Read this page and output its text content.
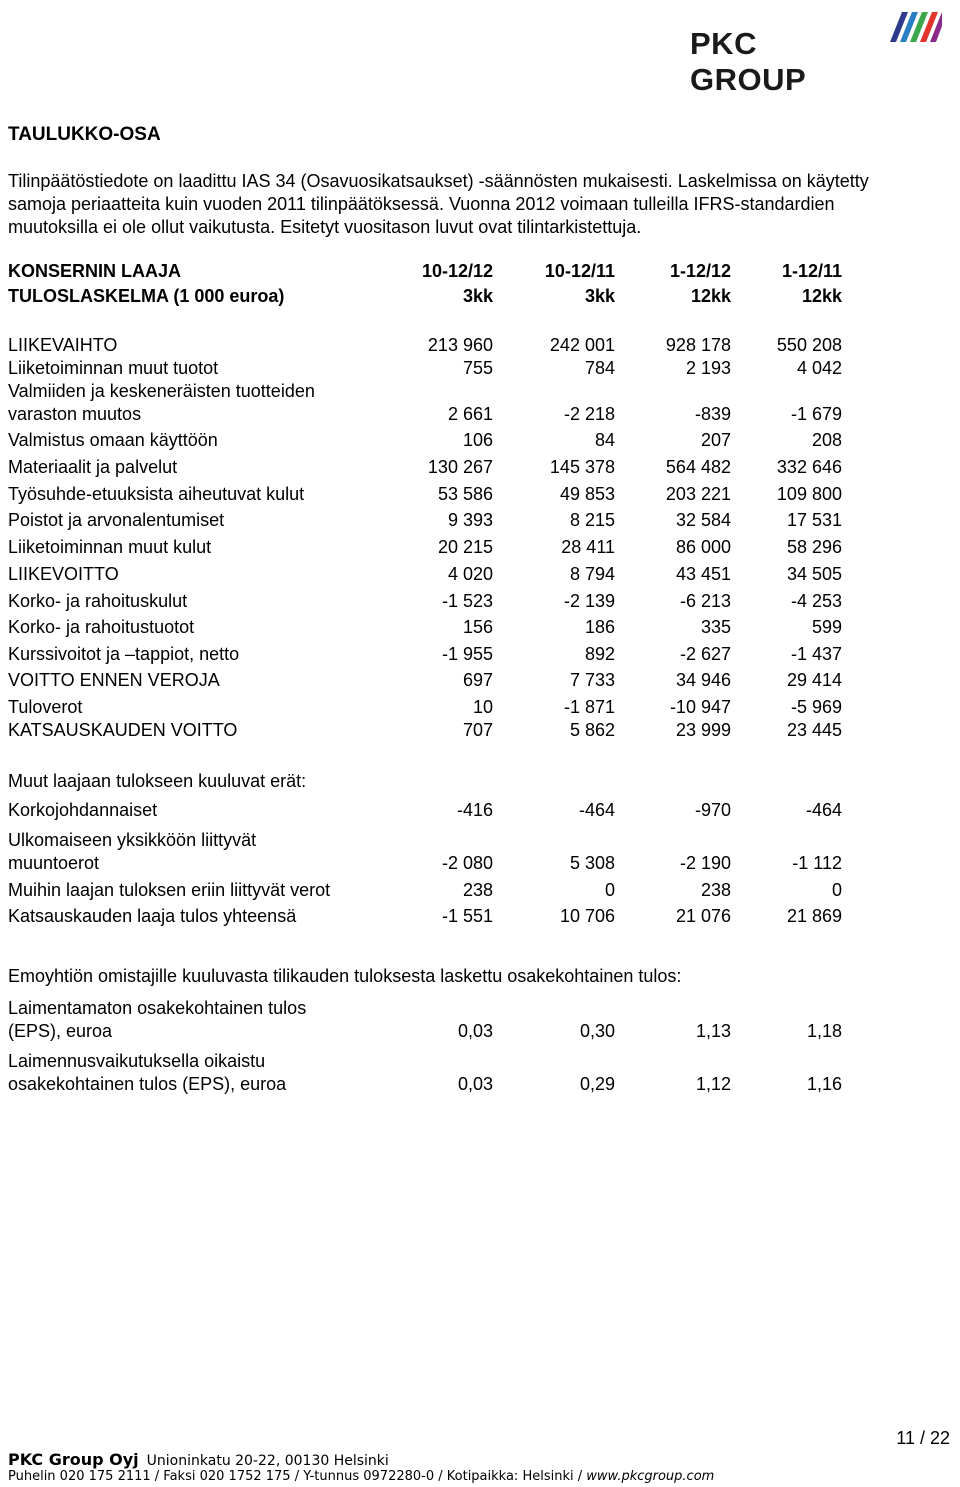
PKC GROUP
TAULUKKO-OSA
Tilinpäätöstiedote on laadittu IAS 34 (Osavuosikatsaukset) -säännösten mukaisesti. Laskelmissa on käytetty
samoja periaatteita kuin vuoden 2011 tilinpäätöksessä. Vuonna 2012 voimaan tulleilla IFRS-standardien
muutoksilla ei ole ollut vaikutusta. Esitetyt vuositason luvut ovat tilintarkistettuja.
KONSERNIN LAAJA	10-12/12	10-12/11	1-12/12	1-12/11
TULOSLASKELMA (1 000 euroa)	3kk	3kk	12kk	12kk
LIIKEVAIHTO	213 960	242 001	928 178	550 208
Liiketoiminnan muut tuotot	755	784	2 193	4 042
Valmiiden ja keskeneräisten tuotteiden
varaston muutos	2 661	-2 218	-839	-1 679
Valmistus omaan käyttöön	106	84	207	208
Materiaalit ja palvelut	130 267	145 378	564 482	332 646
Työsuhde-etuuksista aiheutuvat kulut	53 586	49 853	203 221	109 800
Poistot ja arvonalentumiset	9 393	8 215	32 584	17 531
Liiketoiminnan muut kulut	20 215	28 411	86 000	58 296
LIIKEVOITTO	4 020	8 794	43 451	34 505
Korko- ja rahoituskulut	-1 523	-2 139	-6 213	-4 253
Korko- ja rahoitustuotot	156	186	335	599
Kurssivoitot ja –tappiot, netto	-1 955	892	-2 627	-1 437
VOITTO ENNEN VEROJA	697	7 733	34 946	29 414
Tuloverot	10	-1 871	-10 947	-5 969
KATSAUSKAUDEN VOITTO	707	5 862	23 999	23 445
Korkojohdannaiset	-416	-464	-970	-464
Ulkomaiseen yksikköön liittyvät
muuntoerot	-2 080	5 308	-2 190	-1 112
Muihin laajan tuloksen eriin liittyvät verot	238	0	238	0
Katsauskauden laaja tulos yhteensä	-1 551	10 706	21 076	21 869
Laimentamaton osakekohtainen tulos
(EPS), euroa	0,03	0,30	1,13	1,18
Laimennusvaikutuksella oikaistu
osakekohtainen tulos (EPS), euroa	0,03	0,29	1,12	1,16
Muut laajaan tulokseen kuuluvat erät:
Emoyhtiön omistajille kuuluvasta tilikauden tuloksesta laskettu osakekohtainen tulos:
11 / 22
PKC Group Oyj Unioninkatu 20-22, 00130 Helsinki
Puhelin 020 175 2111 / Faksi 020 1752 175 / Y-tunnus 0972280-0 / Kotipaikka: Helsinki / www.pkcgroup.com
